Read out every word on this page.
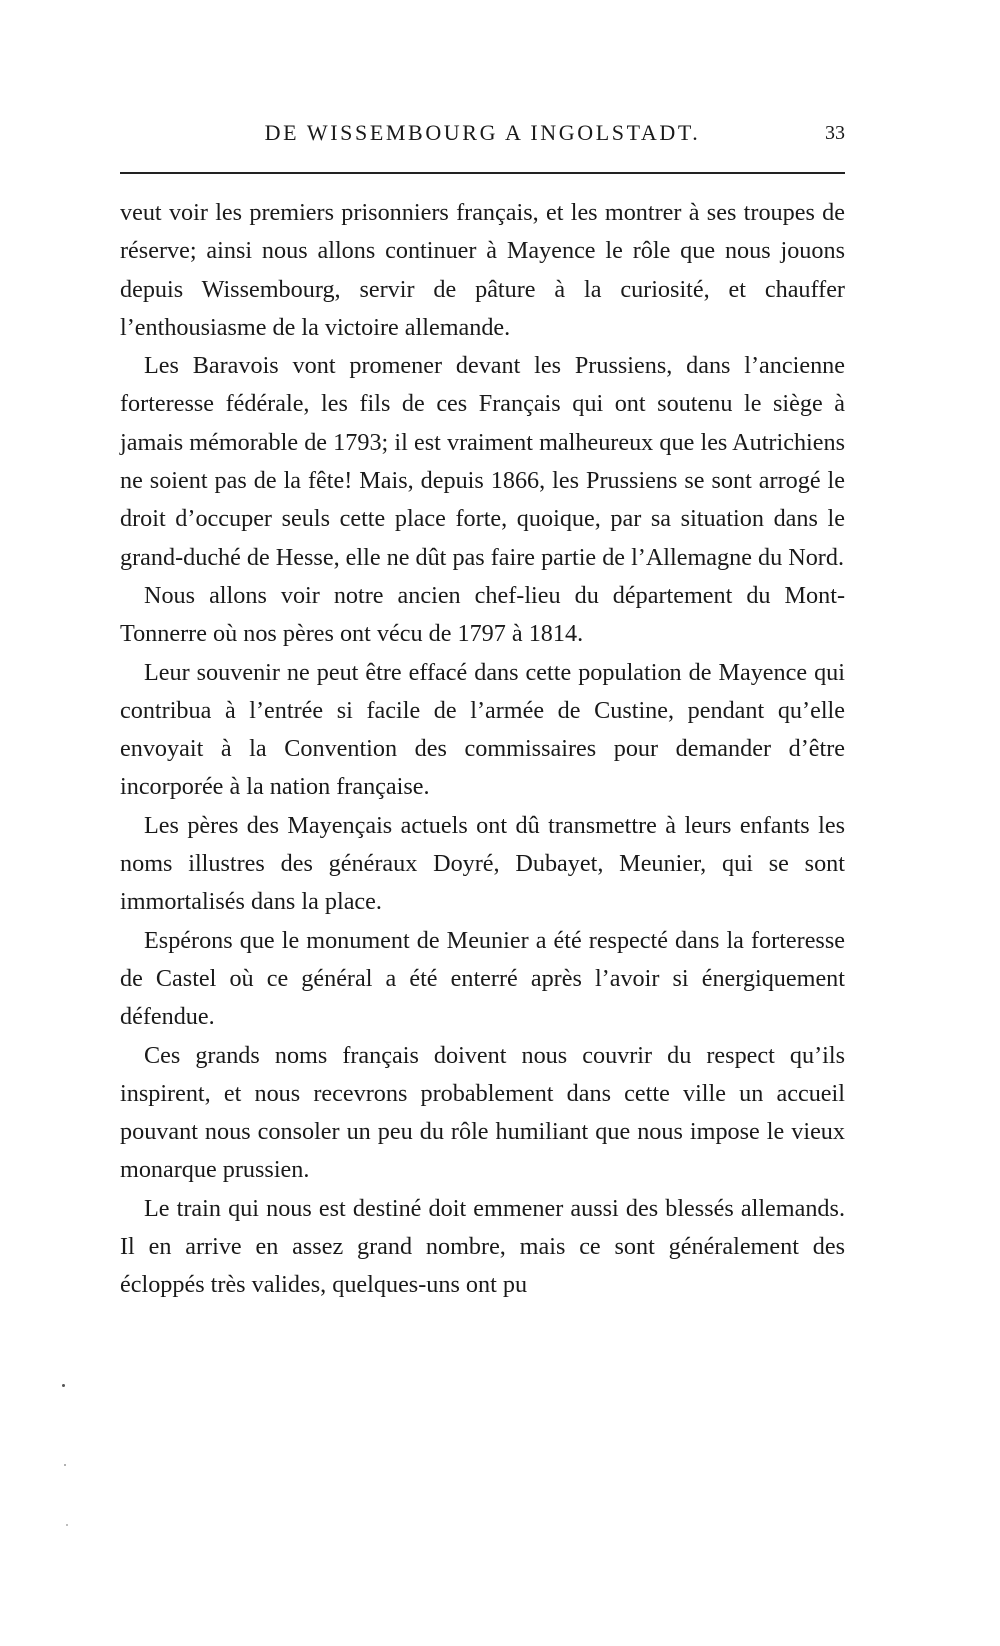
DE WISSEMBOURG A INGOLSTADT.	33

veut voir les premiers prisonniers français, et les montrer à ses troupes de réserve; ainsi nous allons continuer à Mayence le rôle que nous jouons depuis Wissembourg, servir de pâture à la curiosité, et chauffer l’enthousiasme de la victoire allemande.

Les Baravois vont promener devant les Prussiens, dans l’ancienne forteresse fédérale, les fils de ces Français qui ont soutenu le siège à jamais mémorable de 1793; il est vraiment malheureux que les Autrichiens ne soient pas de la fête! Mais, depuis 1866, les Prussiens se sont arrogé le droit d’occuper seuls cette place forte, quoique, par sa situation dans le grand-duché de Hesse, elle ne dût pas faire partie de l’Allemagne du Nord.

Nous allons voir notre ancien chef-lieu du département du Mont-Tonnerre où nos pères ont vécu de 1797 à 1814.

Leur souvenir ne peut être effacé dans cette population de Mayence qui contribua à l’entrée si facile de l’armée de Custine, pendant qu’elle envoyait à la Convention des commissaires pour demander d’être incorporée à la nation française.

Les pères des Mayençais actuels ont dû transmettre à leurs enfants les noms illustres des généraux Doyré, Dubayet, Meunier, qui se sont immortalisés dans la place.

Espérons que le monument de Meunier a été respecté dans la forteresse de Castel où ce général a été enterré après l’avoir si énergiquement défendue.

Ces grands noms français doivent nous couvrir du respect qu’ils inspirent, et nous recevrons probablement dans cette ville un accueil pouvant nous consoler un peu du rôle humiliant que nous impose le vieux monarque prussien.

Le train qui nous est destiné doit emmener aussi des blessés allemands. Il en arrive en assez grand nombre, mais ce sont généralement des écloppés très valides, quelques-uns ont pu
